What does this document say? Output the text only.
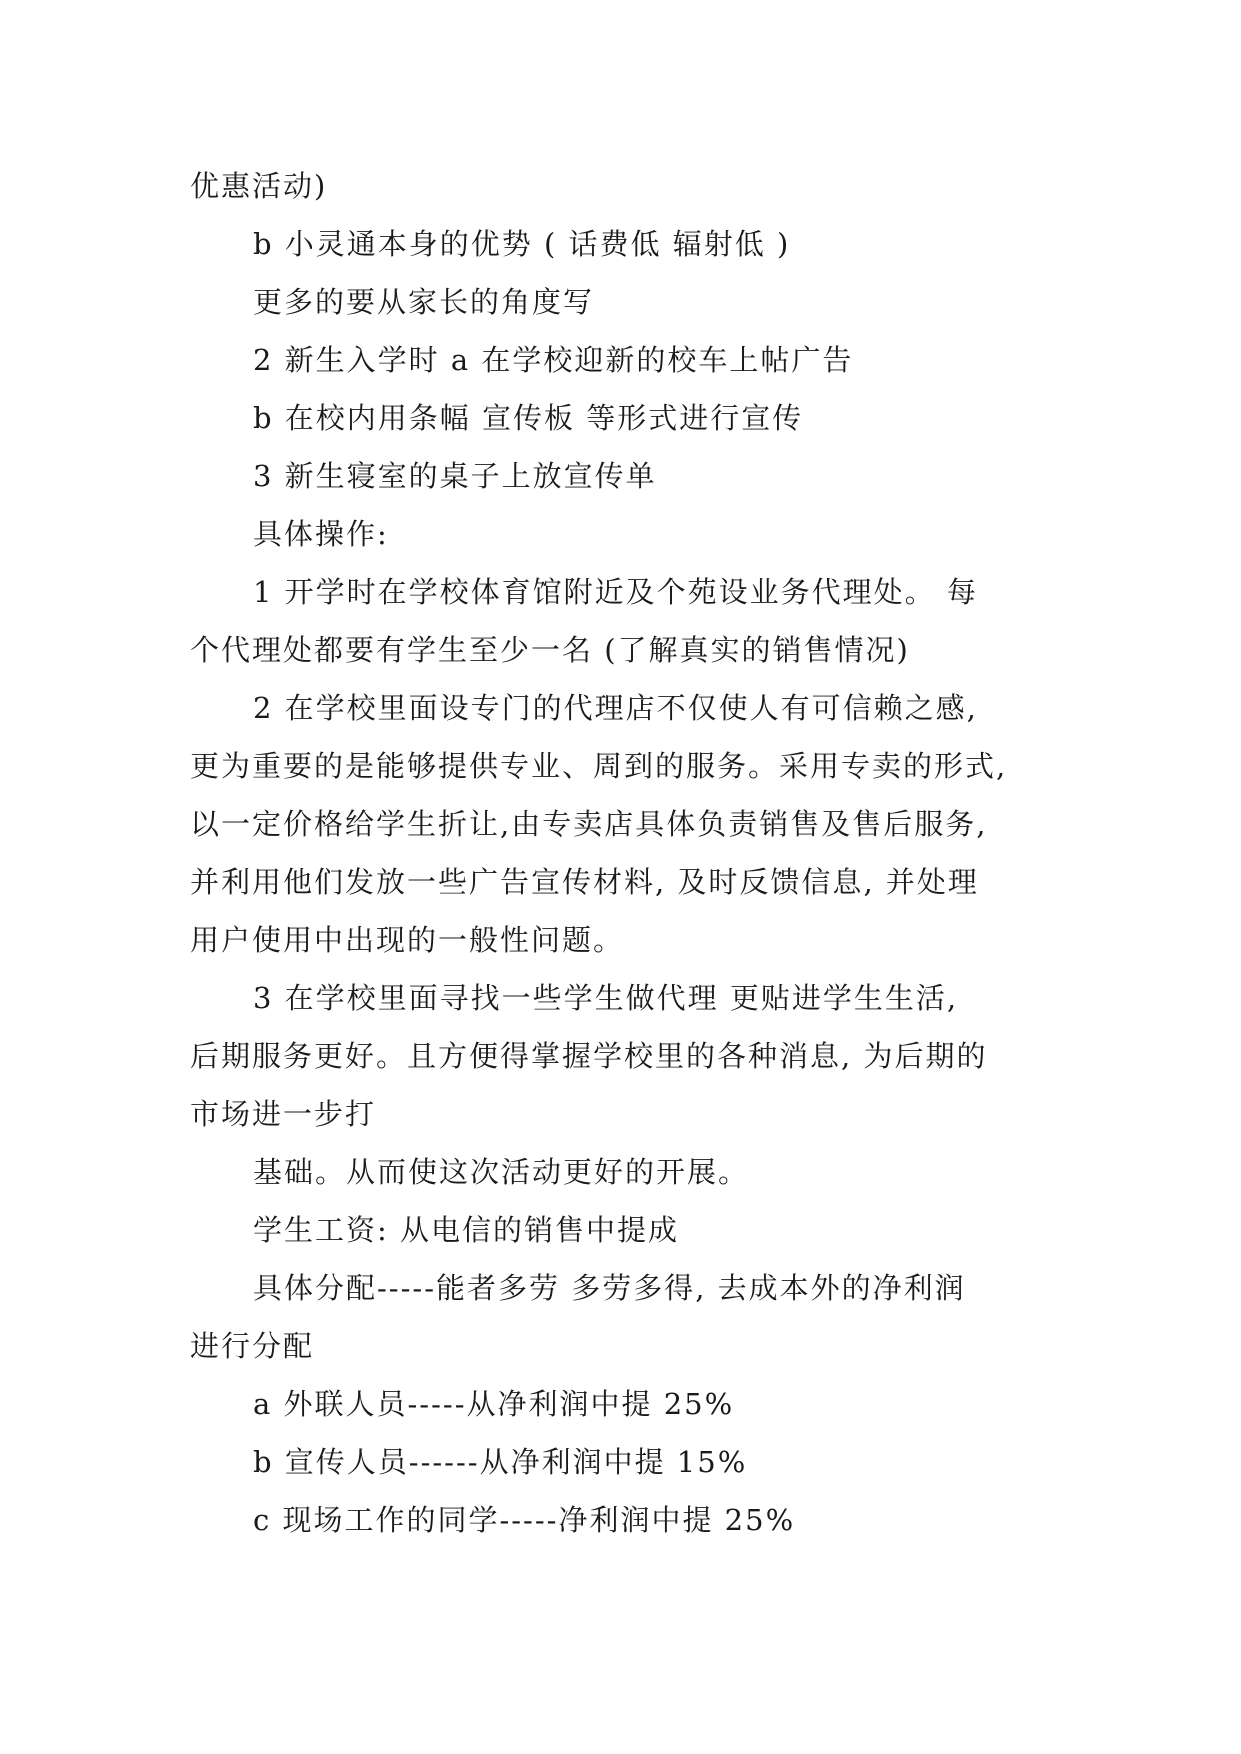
优惠活动)
b 小灵通本身的优势 ( 话费低 辐射低 )
更多的要从家长的角度写
2 新生入学时 a 在学校迎新的校车上帖广告
b 在校内用条幅 宣传板 等形式进行宣传
3 新生寝室的桌子上放宣传单
具体操作:
1 开学时在学校体育馆附近及个苑设业务代理处。 每
个代理处都要有学生至少一名 (了解真实的销售情况)
2 在学校里面设专门的代理店不仅使人有可信赖之感,
更为重要的是能够提供专业、周到的服务。采用专卖的形式,
以一定价格给学生折让,由专卖店具体负责销售及售后服务,
并利用他们发放一些广告宣传材料, 及时反馈信息, 并处理
用户使用中出现的一般性问题。
3 在学校里面寻找一些学生做代理 更贴进学生生活,
后期服务更好。且方便得掌握学校里的各种消息, 为后期的
市场进一步打
基础。从而使这次活动更好的开展。
学生工资: 从电信的销售中提成
具体分配-----能者多劳 多劳多得, 去成本外的净利润
进行分配
a 外联人员-----从净利润中提 25%
b 宣传人员------从净利润中提 15%
c 现场工作的同学-----净利润中提 25%
